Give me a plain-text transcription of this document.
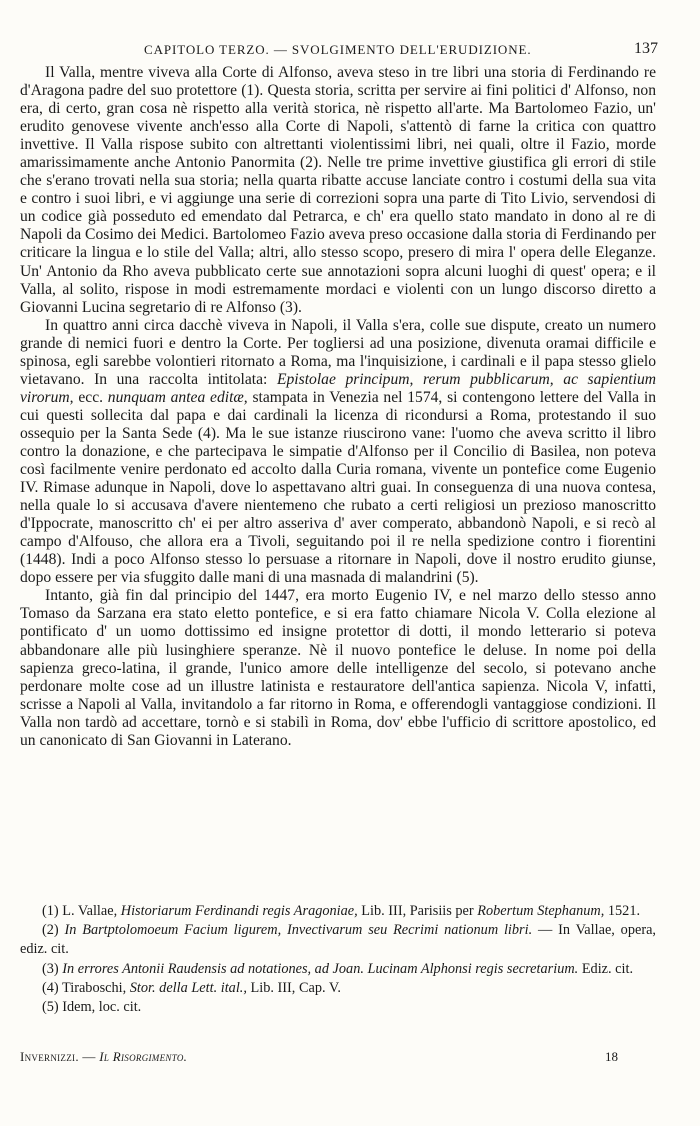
CAPITOLO TERZO. — SVOLGIMENTO DELL'ERUDIZIONE.	137

Il Valla, mentre viveva alla Corte di Alfonso, aveva steso in tre libri una storia di Ferdinando re d'Aragona padre del suo protettore (1). Questa storia, scritta per servire ai fini politici d' Alfonso, non era, di certo, gran cosa nè rispetto alla verità storica, nè rispetto all'arte. Ma Bartolomeo Fazio, un' erudito genovese vivente anch'esso alla Corte di Napoli, s'attentò di farne la critica con quattro invettive. Il Valla rispose subito con altrettanti violentissimi libri, nei quali, oltre il Fazio, morde amarissimamente anche Antonio Panormita (2). Nelle tre prime invettive giustifica gli errori di stile che s'erano trovati nella sua storia; nella quarta ribatte accuse lanciate contro i costumi della sua vita e contro i suoi libri, e vi aggiunge una serie di correzioni sopra una parte di Tito Livio, servendosi di un codice già posseduto ed emendato dal Petrarca, e ch' era quello stato mandato in dono al re di Napoli da Cosimo dei Medici. Bartolomeo Fazio aveva preso occasione dalla storia di Ferdinando per criticare la lingua e lo stile del Valla; altri, allo stesso scopo, presero di mira l' opera delle Eleganze. Un' Antonio da Rho aveva pubblicato certe sue annotazioni sopra alcuni luoghi di quest' opera; e il Valla, al solito, rispose in modi estremamente mordaci e violenti con un lungo discorso diretto a Giovanni Lucina segretario di re Alfonso (3).

In quattro anni circa dacchè viveva in Napoli, il Valla s'era, colle sue dispute, creato un numero grande di nemici fuori e dentro la Corte. Per togliersi ad una posizione, divenuta oramai difficile e spinosa, egli sarebbe volontieri ritornato a Roma, ma l'inquisizione, i cardinali e il papa stesso glielo vietavano. In una raccolta intitolata: Epistolae principum, rerum pubblicarum, ac sapientium virorum, ecc. nunquam antea editæ, stampata in Venezia nel 1574, si contengono lettere del Valla in cui questi sollecita dal papa e dai cardinali la licenza di ricondursi a Roma, protestando il suo ossequio per la Santa Sede (4). Ma le sue istanze riuscirono vane: l'uomo che aveva scritto il libro contro la donazione, e che partecipava le simpatie d'Alfonso per il Concilio di Basilea, non poteva così facilmente venire perdonato ed accolto dalla Curia romana, vivente un pontefice come Eugenio IV. Rimase adunque in Napoli, dove lo aspettavano altri guai. In conseguenza di una nuova contesa, nella quale lo si accusava d'avere nientemeno che rubato a certi religiosi un prezioso manoscritto d'Ippocrate, manoscritto ch' ei per altro asseriva d' aver comperato, abbandonò Napoli, e si recò al campo d'Alfouso, che allora era a Tivoli, seguitando poi il re nella spedizione contro i fiorentini (1448). Indi a poco Alfonso stesso lo persuase a ritornare in Napoli, dove il nostro erudito giunse, dopo essere per via sfuggito dalle mani di una masnada di malandrini (5).

Intanto, già fin dal principio del 1447, era morto Eugenio IV, e nel marzo dello stesso anno Tomaso da Sarzana era stato eletto pontefice, e si era fatto chiamare Nicola V. Colla elezione al pontificato d' un uomo dottissimo ed insigne protettor di dotti, il mondo letterario si poteva abbandonare alle più lusinghiere speranze. Nè il nuovo pontefice le deluse. In nome poi della sapienza greco-latina, il grande, l'unico amore delle intelligenze del secolo, si potevano anche perdonare molte cose ad un illustre latinista e restauratore dell'antica sapienza. Nicola V, infatti, scrisse a Napoli al Valla, invitandolo a far ritorno in Roma, e offerendogli vantaggiose condizioni. Il Valla non tardò ad accettare, tornò e si stabilì in Roma, dov' ebbe l'ufficio di scrittore apostolico, ed un canonicato di San Giovanni in Laterano.

(1) L. Vallae, Historiarum Ferdinandi regis Aragoniae, Lib. III, Parisiis per Robertum Stephanum, 1521.

(2) In Bartptolomoeum Facium ligurem, Invectivarum seu Recrimi nationum libri. — In Vallae, opera, ediz. cit.

(3) In errores Antonii Raudensis ad notationes, ad Joan. Lucinam Alphonsi regis secretarium. Ediz. cit.

(4) Tiraboschi, Stor. della Lett. ital., Lib. III, Cap. V.

(5) Idem, loc. cit.

Invernizzi. — Il Risorgimento.	18
